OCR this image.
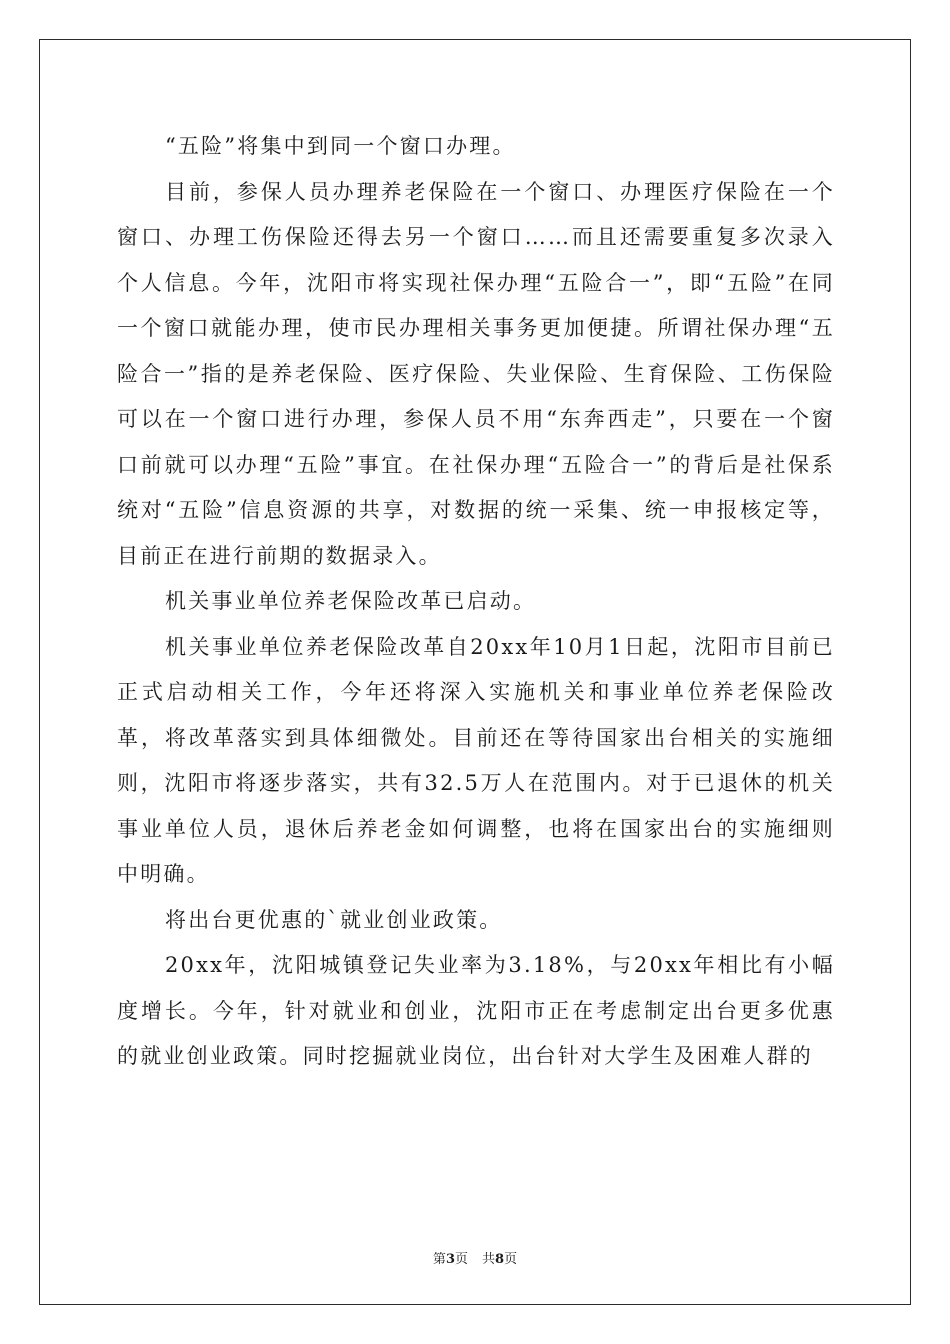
“五险”将集中到同一个窗口办理。

目前，参保人员办理养老保险在一个窗口、办理医疗保险在一个窗口、办理工伤保险还得去另一个窗口……而且还需要重复多次录入个人信息。今年，沈阳市将实现社保办理“五险合一”，即“五险”在同一个窗口就能办理，使市民办理相关事务更加便捷。所谓社保办理“五险合一”指的是养老保险、医疗保险、失业保险、生育保险、工伤保险可以在一个窗口进行办理，参保人员不用“东奔西走”，只要在一个窗口前就可以办理“五险”事宜。在社保办理“五险合一”的背后是社保系统对“五险”信息资源的共享，对数据的统一采集、统一申报核定等，目前正在进行前期的数据录入。

机关事业单位养老保险改革已启动。

机关事业单位养老保险改革自20xx年10月1日起，沈阳市目前已正式启动相关工作，今年还将深入实施机关和事业单位养老保险改革，将改革落实到具体细微处。目前还在等待国家出台相关的实施细则，沈阳市将逐步落实，共有32.5万人在范围内。对于已退休的机关事业单位人员，退休后养老金如何调整，也将在国家出台的实施细则中明确。

将出台更优惠的`就业创业政策。

20xx年，沈阳城镇登记失业率为3.18%，与20xx年相比有小幅度增长。今年，针对就业和创业，沈阳市正在考虑制定出台更多优惠的就业创业政策。同时挖掘就业岗位，出台针对大学生及困难人群的

第3页 共8页
